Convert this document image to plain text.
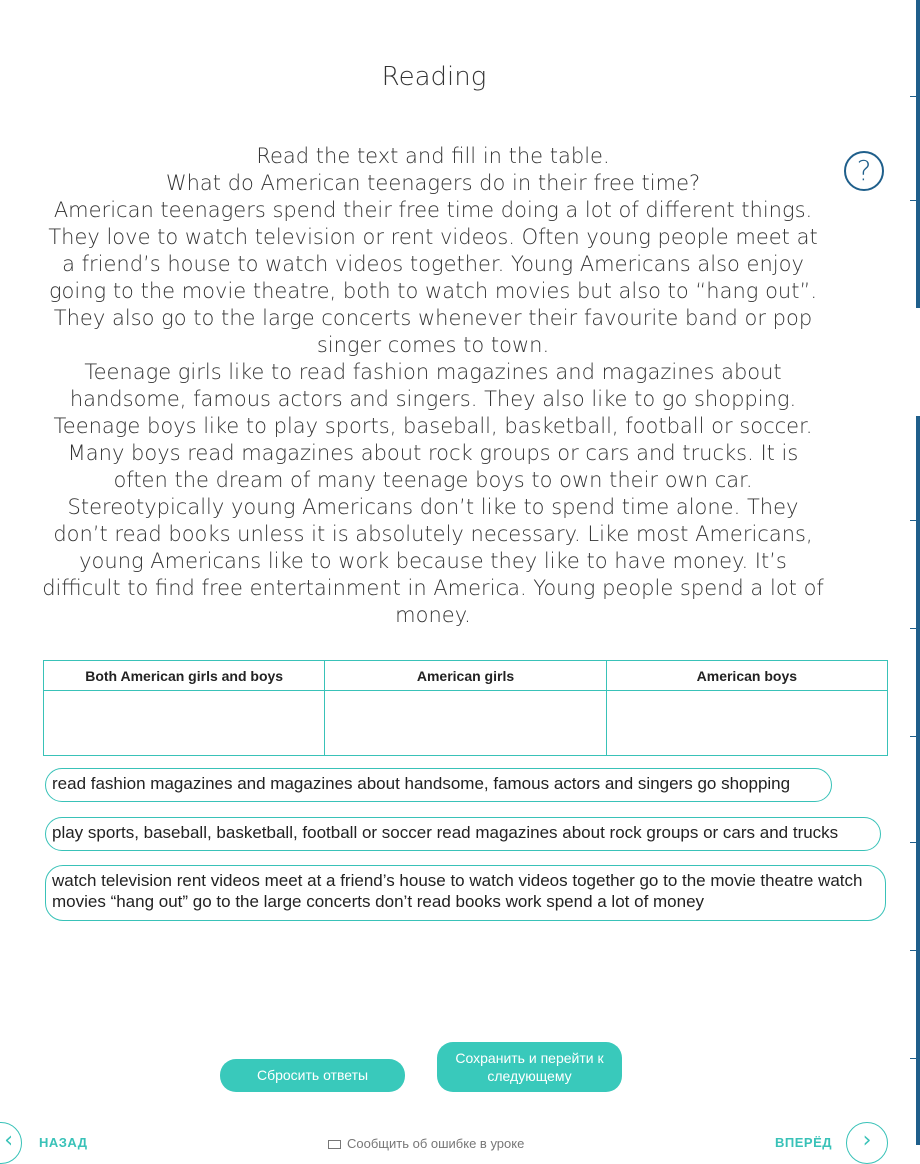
Reading
?

Read the text and fill in the table.

What do American teenagers do in their free time?

American teenagers spend their free time doing a lot of different things. They love to watch television or rent videos. Often young people meet at a friend’s house to watch videos together. Young Americans also enjoy going to the movie theatre, both to watch movies but also to “hang out”. They also go to the large concerts whenever their favourite band or pop singer comes to town.

Teenage girls like to read fashion magazines and magazines about handsome, famous actors and singers. They also like to go shopping.

Teenage boys like to play sports, baseball, basketball, football or soccer. Many boys read magazines about rock groups or cars and trucks. It is often the dream of many teenage boys to own their own car.

Stereotypically young Americans don’t like to spend time alone. They don’t read books unless it is absolutely necessary. Like most Americans, young Americans like to work because they like to have money. It’s difficult to find free entertainment in America. Young people spend a lot of money.

Both American girls and boys	American girls	American boys

read fashion magazines and magazines about handsome, famous actors and singers go shopping
play sports, baseball, basketball, football or soccer read magazines about rock groups or cars and trucks
watch television rent videos meet at a friend’s house to watch videos together go to the movie theatre watch movies “hang out” go to the large concerts don’t read books work spend a lot of money
Сбросить ответы
Сохранить и перейти к следующему
‹	НАЗАД	Сообщить об ошибке в уроке	ВПЕРЁД	›
